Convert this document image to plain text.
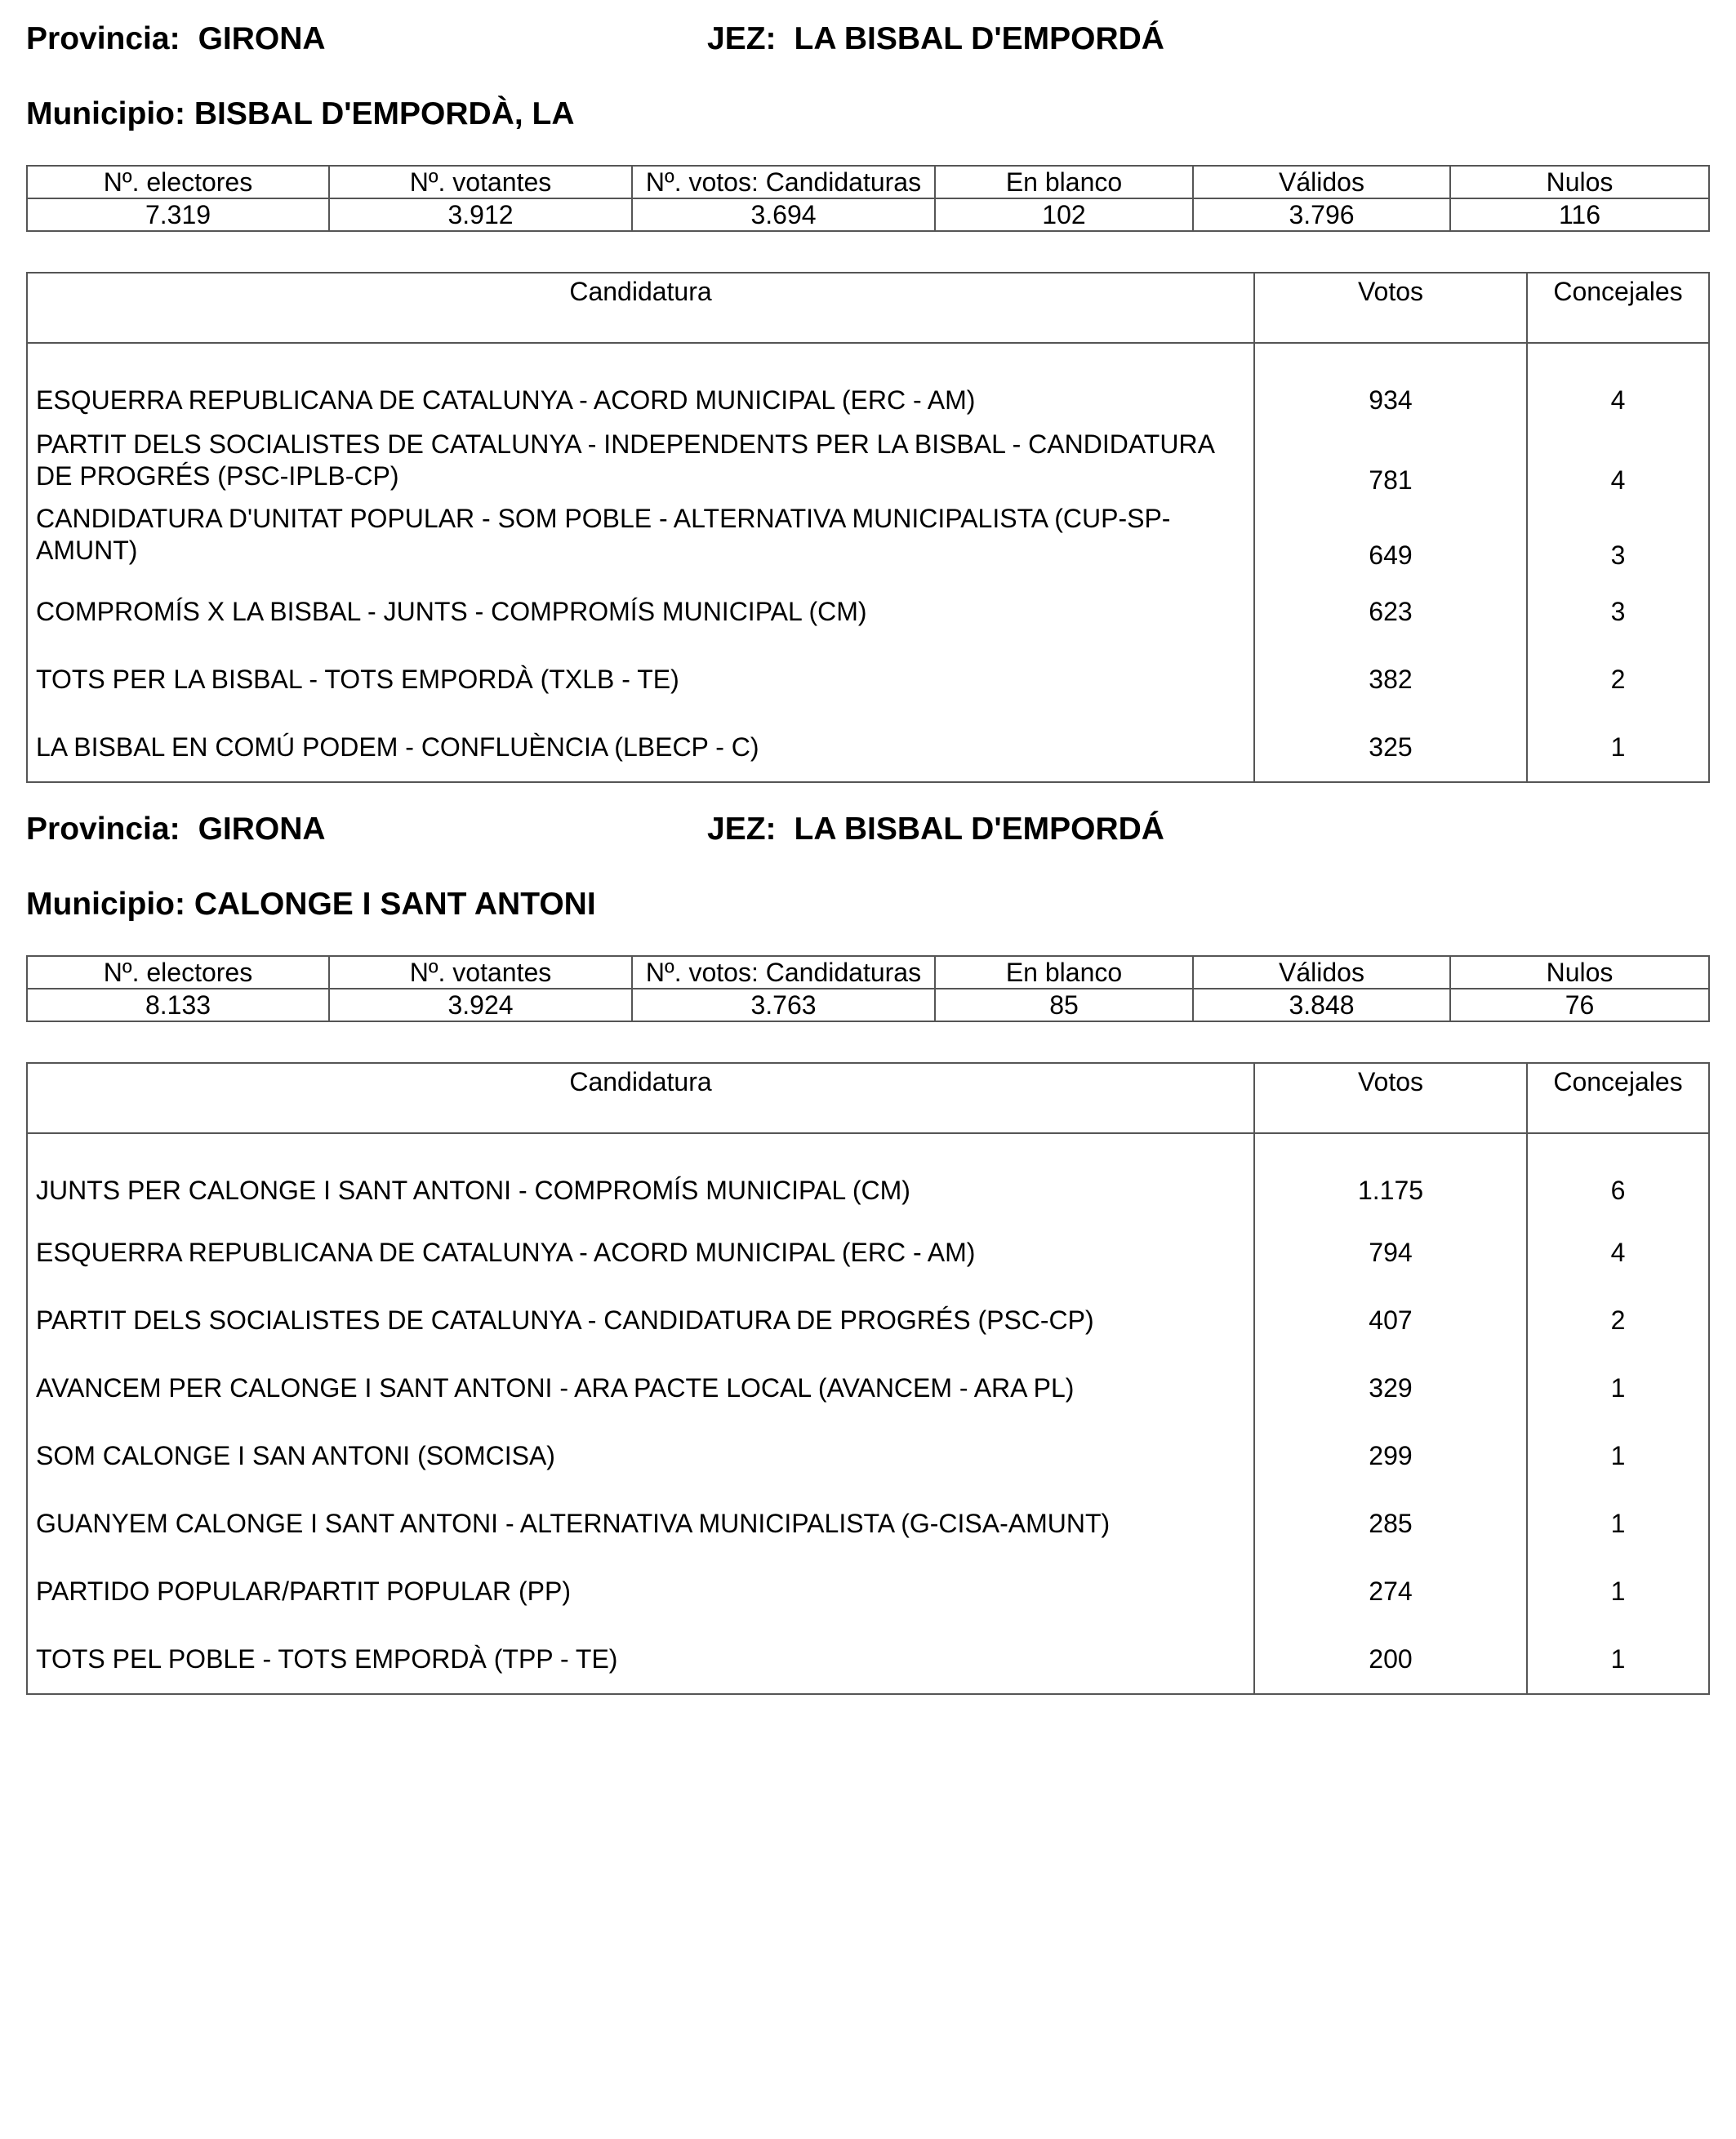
Provincia: GIRONA	JEZ: LA BISBAL D'EMPORDÁ
Municipio: BISBAL D'EMPORDÀ, LA
Nº. electores	Nº. votantes	Nº. votos: Candidaturas	En blanco	Válidos	Nulos
7.319	3.912	3.694	102	3.796	116
Candidatura	Votos	Concejales
ESQUERRA REPUBLICANA DE CATALUNYA - ACORD MUNICIPAL (ERC - AM)	934	4
PARTIT DELS SOCIALISTES DE CATALUNYA - INDEPENDENTS PER LA BISBAL - CANDIDATURA DE PROGRÉS (PSC-IPLB-CP)	781	4
CANDIDATURA D'UNITAT POPULAR - SOM POBLE - ALTERNATIVA MUNICIPALISTA (CUP-SP-AMUNT)	649	3
COMPROMÍS X LA BISBAL - JUNTS - COMPROMÍS MUNICIPAL (CM)	623	3
TOTS PER LA BISBAL - TOTS EMPORDÀ (TXLB - TE)	382	2
LA BISBAL EN COMÚ PODEM - CONFLUÈNCIA (LBECP - C)	325	1
Provincia: GIRONA	JEZ: LA BISBAL D'EMPORDÁ
Municipio: CALONGE I SANT ANTONI
Nº. electores	Nº. votantes	Nº. votos: Candidaturas	En blanco	Válidos	Nulos
8.133	3.924	3.763	85	3.848	76
Candidatura	Votos	Concejales
JUNTS PER CALONGE I SANT ANTONI - COMPROMÍS MUNICIPAL (CM)	1.175	6
ESQUERRA REPUBLICANA DE CATALUNYA - ACORD MUNICIPAL (ERC - AM)	794	4
PARTIT DELS SOCIALISTES DE CATALUNYA - CANDIDATURA DE PROGRÉS (PSC-CP)	407	2
AVANCEM PER CALONGE I SANT ANTONI - ARA PACTE LOCAL (AVANCEM - ARA PL)	329	1
SOM CALONGE I SAN ANTONI (SOMCISA)	299	1
GUANYEM CALONGE I SANT ANTONI - ALTERNATIVA MUNICIPALISTA (G-CISA-AMUNT)	285	1
PARTIDO POPULAR/PARTIT POPULAR (PP)	274	1
TOTS PEL POBLE - TOTS EMPORDÀ (TPP - TE)	200	1
